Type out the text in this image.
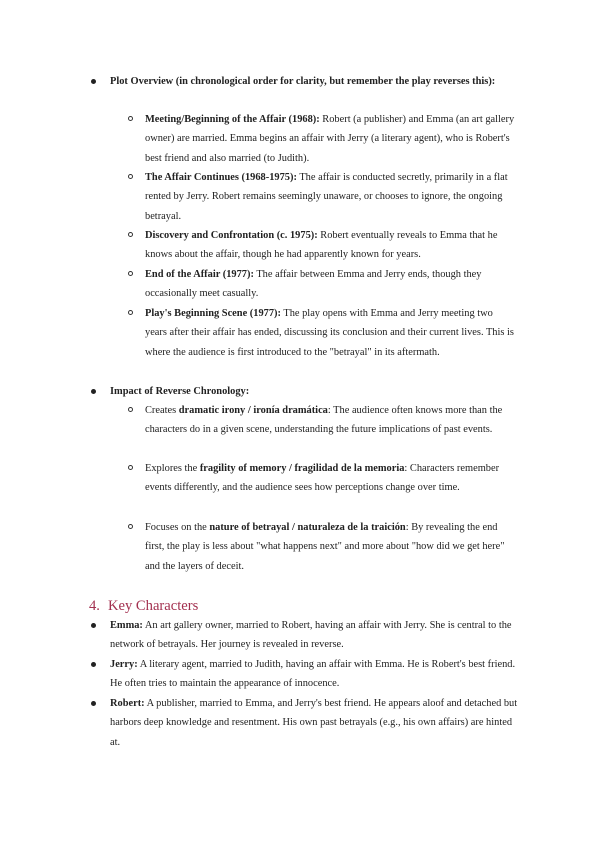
Plot Overview (in chronological order for clarity, but remember the play reverses this):
Meeting/Beginning of the Affair (1968): Robert (a publisher) and Emma (an art gallery owner) are married. Emma begins an affair with Jerry (a literary agent), who is Robert's best friend and also married (to Judith).
The Affair Continues (1968-1975): The affair is conducted secretly, primarily in a flat rented by Jerry. Robert remains seemingly unaware, or chooses to ignore, the ongoing betrayal.
Discovery and Confrontation (c. 1975): Robert eventually reveals to Emma that he knows about the affair, though he had apparently known for years.
End of the Affair (1977): The affair between Emma and Jerry ends, though they occasionally meet casually.
Play's Beginning Scene (1977): The play opens with Emma and Jerry meeting two years after their affair has ended, discussing its conclusion and their current lives. This is where the audience is first introduced to the "betrayal" in its aftermath.
Impact of Reverse Chronology:
Creates dramatic irony / ironía dramática: The audience often knows more than the characters do in a given scene, understanding the future implications of past events.
Explores the fragility of memory / fragilidad de la memoria: Characters remember events differently, and the audience sees how perceptions change over time.
Focuses on the nature of betrayal / naturaleza de la traición: By revealing the end first, the play is less about "what happens next" and more about "how did we get here" and the layers of deceit.
4. Key Characters
Emma: An art gallery owner, married to Robert, having an affair with Jerry. She is central to the network of betrayals. Her journey is revealed in reverse.
Jerry: A literary agent, married to Judith, having an affair with Emma. He is Robert's best friend. He often tries to maintain the appearance of innocence.
Robert: A publisher, married to Emma, and Jerry's best friend. He appears aloof and detached but harbors deep knowledge and resentment. His own past betrayals (e.g., his own affairs) are hinted at.
